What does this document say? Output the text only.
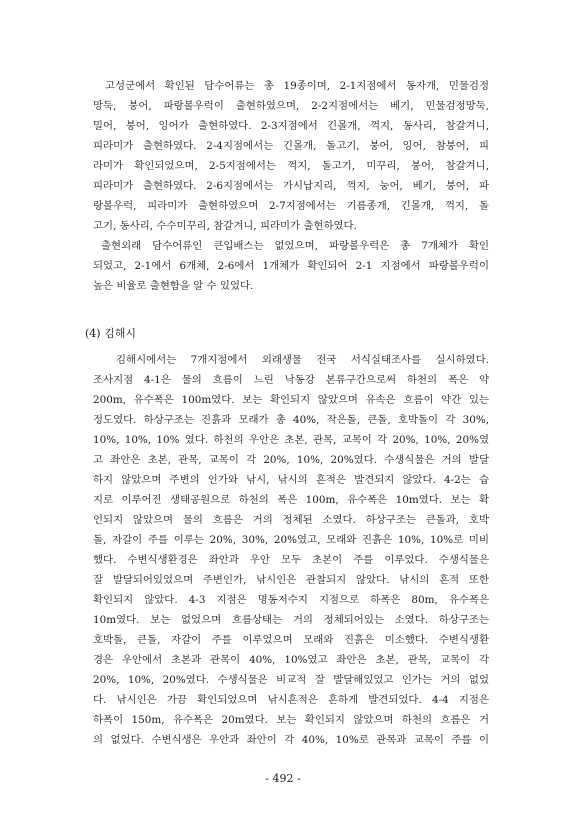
고성군에서 확인된 담수어류는 총 19종이며, 2-1지점에서 동자개, 민물검정
망둑, 붕어, 파랑볼우럭이 출현하였으며, 2-2지점에서는 베기, 민물검정망둑,
밀어, 붕어, 잉어가 출현하였다. 2-3지점에서 긴몰개, 꺽지, 동사리, 참갈겨니,
피라미가 출현하였다. 2-4지점에서는 긴몰개, 돌고기, 붕어, 잉어, 참붕어, 피
라미가 확인되었으며, 2-5지점에서는 꺽지, 돌고기, 미꾸리, 붕어, 참갈겨니,
피라미가 출현하였다. 2-6지점에서는 가시납지리, 꺽지, 눙어, 베기, 붕어, 파
랑볼우럭, 피라미가 출현하였으며 2-7지점에서는 기름종개, 긴몰개, 꺽지, 돌
고기, 동사리, 수수미꾸리, 참갈겨니, 피라미가 출현하였다.
출현외래 담수어류인 큰입배스는 없었으며, 파랑볼우럭은 총 7개체가 확인
되었고, 2-1에서 6개체, 2-6에서 1개체가 확인되어 2-1 지점에서 파랑볼우럭이
높은 비율로 출현함을 알 수 있었다.
(4) 김해시
김해시에서는 7개지점에서 외래생물 전국 서식실태조사를 실시하였다.
조사지점 4-1은 물의 흐름이 느린 낙동강 본류구간으로써 하천의 폭은 약
200m, 유수폭은 100m였다. 보는 확인되지 않았으며 유속은 흐름이 약간 있는
정도였다. 하상구조는 진흙과 모래가 총 40%, 작은돌, 큰돌, 호박돌이 각 30%,
10%, 10%, 10% 였다. 하천의 우안은 초본, 관목, 교목이 각 20%, 10%, 20%였
고 좌안은 초본, 관목, 교목이 각 20%, 10%, 20%였다. 수생식물은 거의 발달
하지 않았으며 주변의 인가와 낚시, 낚시의 흔적은 발견되지 않았다. 4-2는 습
지로 이루어진 생태공원으로 하천의 폭은 100m, 유수폭은 10m였다. 보는 확
인되지 않았으며 물의 흐름은 거의 정체된 소였다. 하상구조는 큰돌과, 호박
돌, 자갈이 주를 이루는 20%, 30%, 20%였고, 모래와 진흙은 10%, 10%로 미비
했다. 수변식생환경은 좌안과 우안 모두 초본이 주를 이루었다. 수생식물은
잘 발달되어있었으며 주변인가, 낚시인은 관찰되지 않았다. 낚시의 흔적 또한
확인되지 않았다. 4-3 지점은 명동저수지 지점으로 하폭은 80m, 유수폭은
10m였다. 보는 없었으며 흐름상태는 거의 정체되어있는 소였다. 하상구조는
호박돌, 큰돌, 자갈이 주를 이루었으며 모래와 진흙은 미소했다. 수변식생환
경은 우안에서 초본과 관목이 40%, 10%였고 좌안은 초본, 관목, 교목이 각
20%, 10%, 20%였다. 수생식물은 비교적 잘 발달해있었고 인가는 거의 없었
다. 낚시인은 가끔 확인되었으며 낚시흔적은 흔하게 발견되었다. 4-4 지점은
하폭이 150m, 유수폭은 20m였다. 보는 확인되지 않았으며 하천의 흐름은 거
의 없었다. 수변식생은 우안과 좌안이 각 40%, 10%로 관목과 교목이 주를 이
- 492 -
